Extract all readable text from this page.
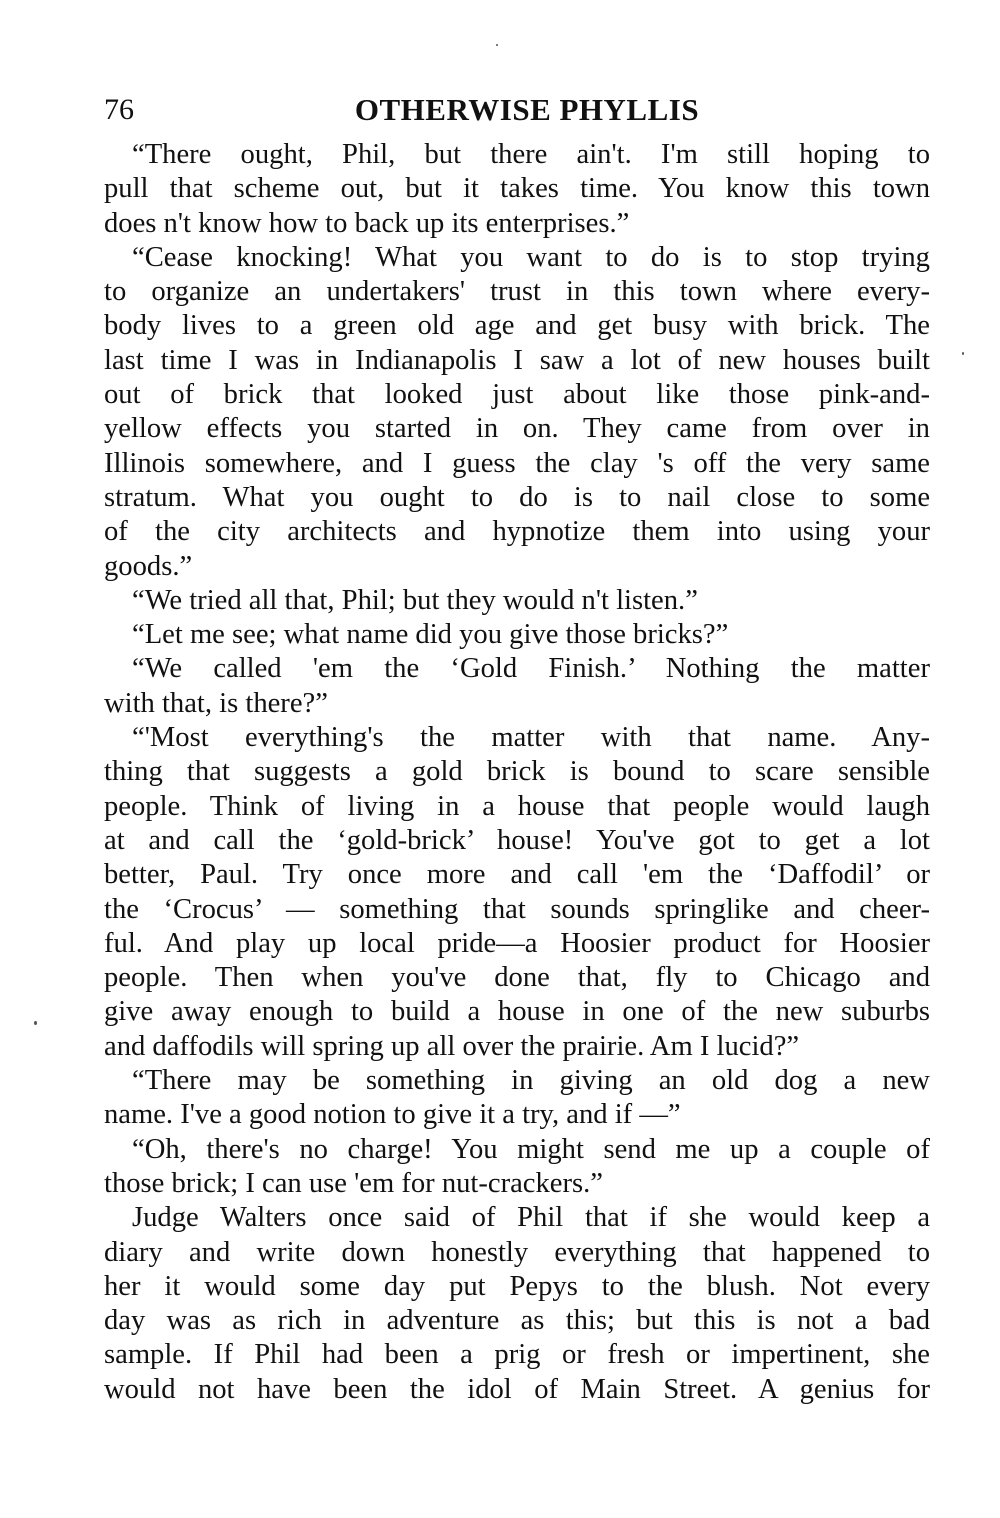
76	OTHERWISE PHYLLIS
“There ought, Phil, but there ain't. I'm still hoping to
pull that scheme out, but it takes time. You know this town
does n't know how to back up its enterprises.”
“Cease knocking! What you want to do is to stop trying
to organize an undertakers' trust in this town where every-
body lives to a green old age and get busy with brick. The
last time I was in Indianapolis I saw a lot of new houses built
out of brick that looked just about like those pink-and-
yellow effects you started in on. They came from over in
Illinois somewhere, and I guess the clay 's off the very same
stratum. What you ought to do is to nail close to some
of the city architects and hypnotize them into using your
goods.”
“We tried all that, Phil; but they would n't listen.”
“Let me see; what name did you give those bricks?”
“We called 'em the ‘Gold Finish.’ Nothing the matter
with that, is there?”
“'Most everything's the matter with that name. Any-
thing that suggests a gold brick is bound to scare sensible
people. Think of living in a house that people would laugh
at and call the ‘gold-brick’ house! You've got to get a lot
better, Paul. Try once more and call 'em the ‘Daffodil’ or
the ‘Crocus’ — something that sounds springlike and cheer-
ful. And play up local pride—a Hoosier product for Hoosier
people. Then when you've done that, fly to Chicago and
give away enough to build a house in one of the new suburbs
and daffodils will spring up all over the prairie. Am I lucid?”
“There may be something in giving an old dog a new
name. I've a good notion to give it a try, and if —”
“Oh, there's no charge! You might send me up a couple of
those brick; I can use 'em for nut-crackers.”
Judge Walters once said of Phil that if she would keep a
diary and write down honestly everything that happened to
her it would some day put Pepys to the blush. Not every
day was as rich in adventure as this; but this is not a bad
sample. If Phil had been a prig or fresh or impertinent, she
would not have been the idol of Main Street. A genius for
